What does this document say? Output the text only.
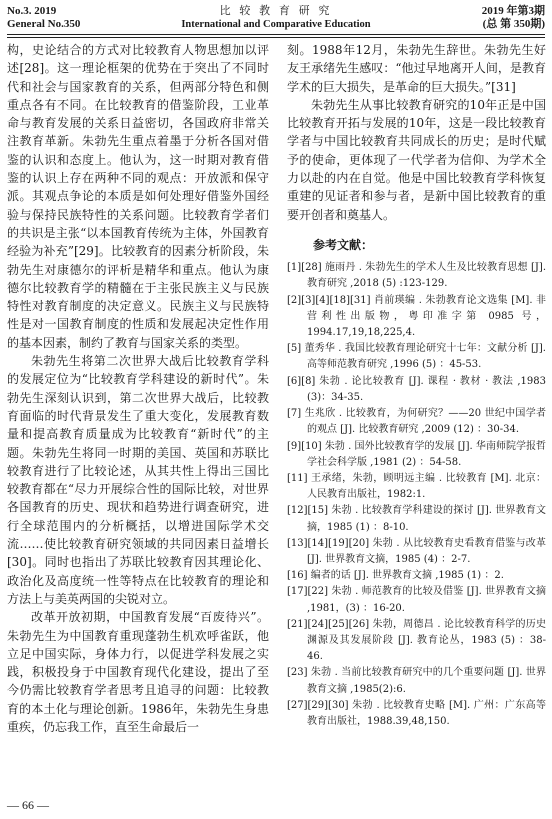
No.3. 2019
General No.350
比 较 教 育 研 究
International and Comparative Education
2019 年第3期
(总 第 350期)

构，史论结合的方式对比较教育人物思想加以评述[28]。这一理论框架的优势在于突出了不同时代和社会与国家教育的关系，但两部分特色和侧重点各有不同。在比较教育的借鉴阶段，工业革命与教育发展的关系日益密切，各国政府非常关注教育革新。朱勃先生重点着墨于分析各国对借鉴的认识和态度上。他认为，这一时期对教育借鉴的认识上存在两种不同的观点：开放派和保守派。其观点争论的本质是如何处理好借鉴外国经验与保持民族特性的关系问题。比较教育学者们的共识是主张“以本国教育传统为主体，外国教育经验为补充”[29]。比较教育的因素分析阶段，朱勃先生对康德尔的评析是精华和重点。他认为康德尔比较教育学的精髓在于主张民族主义与民族特性对教育制度的决定意义。民族主义与民族特性是对一国教育制度的性质和发展起决定性作用的基本因素，制约了教育与国家关系的类型。

朱勃先生将第二次世界大战后比较教育学科的发展定位为“比较教育学科建设的新时代”。朱勃先生深刻认识到，第二次世界大战后，比较教育面临的时代背景发生了重大变化，发展教育数量和提高教育质量成为比较教育“新时代”的主题。朱勃先生将同一时期的美国、英国和苏联比较教育进行了比较论述，从其共性上得出三国比较教育都在“尽力开展综合性的国际比较，对世界各国教育的历史、现状和趋势进行调查研究，进行全球范围内的分析概括，以增进国际学术交流……使比较教育研究领域的共同因素日益增长[30]。同时也指出了苏联比较教育因其理论化、政治化及高度统一性等特点在比较教育的理论和方法上与美英两国的尖锐对立。

改革开放初期，中国教育发展“百废待兴”。朱勃先生为中国教育重现蓬勃生机欢呼雀跃，他立足中国实际，身体力行，以促进学科发展之实践，积极投身于中国教育现代化建设，提出了至今仍需比较教育学者思考且追寻的问题：比较教育的本土化与理论创新。1986年，朱勃先生身患重疾，仍忘我工作，直至生命最后一

刻。1988年12月，朱勃先生辞世。朱勃先生好友王承绪先生感叹：“他过早地离开人间，是教育学术的巨大损失，是革命的巨大损失。”[31]

朱勃先生从事比较教育研究的10年正是中国比较教育开拓与发展的10年，这是一段比较教育学者与中国比较教育共同成长的历史；是时代赋予的使命，更体现了一代学者为信仰、为学术全力以赴的内在自觉。他是中国比较教育学科恢复重建的见证者和参与者，是新中国比较教育的重要开创者和奠基人。

参考文献：
[1][28] 施雨丹 . 朱勃先生的学术人生及比较教育思想 [J]. 教育研究 ,2018 (5) :123-129.
[2][3][4][18][31] 肖前瑛编 . 朱勃教育论文选集 [M]. 非营利性出版物，粤印准字第 0985 号，1994.17,19,18,225,4.
[5] 董秀华 . 我国比较教育理论研究十七年：文献分析 [J]. 高等师范教育研究 ,1996 (5) ：45-53.
[6][8] 朱勃 . 论比较教育 [J]. 课程 · 教材 · 教法 ,1983 (3)：34-35.
[7] 生兆欣 . 比较教育，为何研究？——20 世纪中国学者的观点 [J]. 比较教育研究 ,2009 (12) ：30-34.
[9][10] 朱勃 . 国外比较教育学的发展 [J]. 华南师院学报哲学社会科学版 ,1981 (2) ：54-58.
[11] 王承绪，朱勃，顾明远主编 . 比较教育 [M]. 北京：人民教育出版社，1982:1.
[12][15] 朱勃 . 比较教育学科建设的探讨 [J]. 世界教育文摘，1985 (1) ：8-10.
[13][14][19][20] 朱勃 . 从比较教育史看教育借鉴与改革 [J]. 世界教育文摘，1985 (4) ：2-7.
[16] 编者的话 [J]. 世界教育文摘 ,1985 (1) ：2.
[17][22] 朱勃 . 师范教育的比较及借鉴 [J]. 世界教育文摘 ,1981，(3) ：16-20.
[21][24][25][26] 朱勃，周德昌 . 论比较教育科学的历史渊源及其发展阶段 [J]. 教育论丛，1983 (5) ：38-46.
[23] 朱勃 . 当前比较教育研究中的几个重要问题 [J]. 世界教育文摘 ,1985(2):6.
[27][29][30] 朱勃 . 比较教育史略 [M]. 广州：广东高等教育出版社，1988.39,48,150.
— 66 —
